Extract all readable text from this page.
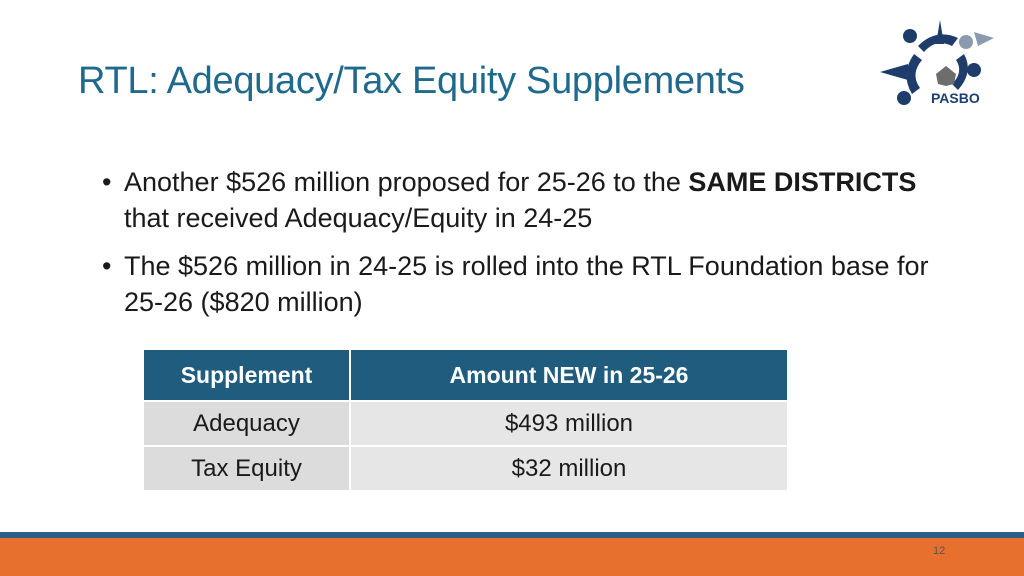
RTL: Adequacy/Tax Equity Supplements	PASBO
• Another $526 million proposed for 25-26 to the SAME DISTRICTS that received Adequacy/Equity in 24-25
• The $526 million in 24-25 is rolled into the RTL Foundation base for 25-26 ($820 million)
Supplement	Amount NEW in 25-26
Adequacy	$493 million
Tax Equity	$32 million
12
